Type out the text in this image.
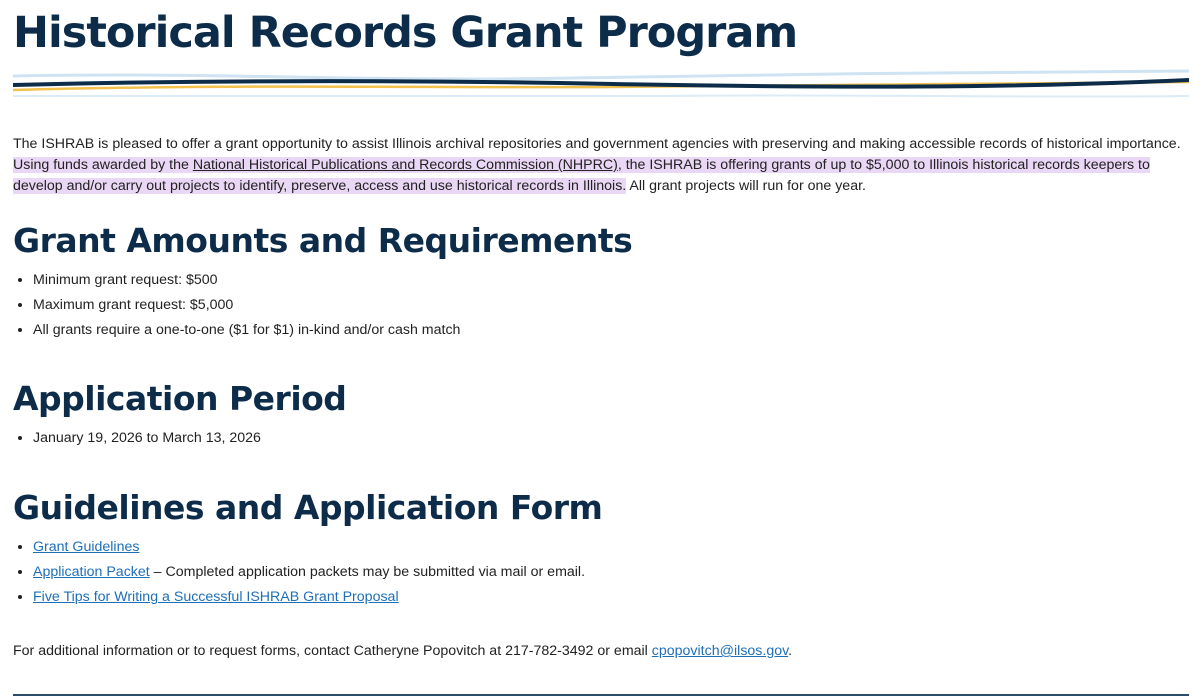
Historical Records Grant Program

The ISHRAB is pleased to offer a grant opportunity to assist Illinois archival repositories and government agencies with preserving and making accessible records of historical importance. Using funds awarded by the National Historical Publications and Records Commission (NHPRC), the ISHRAB is offering grants of up to $5,000 to Illinois historical records keepers to develop and/or carry out projects to identify, preserve, access and use historical records in Illinois. All grant projects will run for one year.

Grant Amounts and Requirements
• Minimum grant request: $500
• Maximum grant request: $5,000
• All grants require a one-to-one ($1 for $1) in-kind and/or cash match
Application Period
• January 19, 2026 to March 13, 2026
Guidelines and Application Form
• Grant Guidelines
• Application Packet – Completed application packets may be submitted via mail or email.
• Five Tips for Writing a Successful ISHRAB Grant Proposal

For additional information or to request forms, contact Catheryne Popovitch at 217-782-3492 or email cpopovitch@ilsos.gov.
